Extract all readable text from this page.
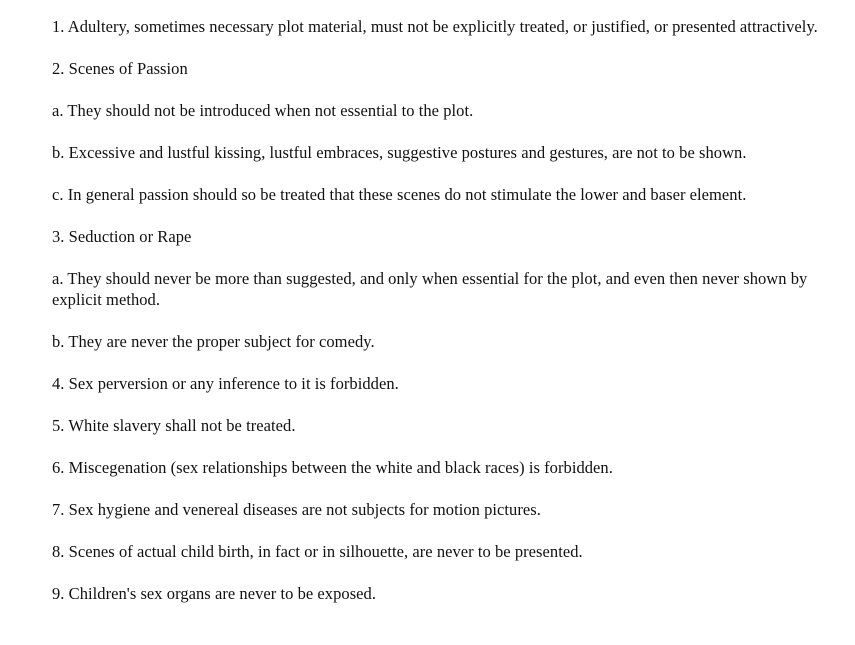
1. Adultery, sometimes necessary plot material, must not be explicitly treated, or justified, or presented attractively.

2. Scenes of Passion

a. They should not be introduced when not essential to the plot.

b. Excessive and lustful kissing, lustful embraces, suggestive postures and gestures, are not to be shown.

c. In general passion should so be treated that these scenes do not stimulate the lower and baser element.

3. Seduction or Rape

a. They should never be more than suggested, and only when essential for the plot, and even then never shown by explicit method.

b. They are never the proper subject for comedy.

4. Sex perversion or any inference to it is forbidden.

5. White slavery shall not be treated.

6. Miscegenation (sex relationships between the white and black races) is forbidden.

7. Sex hygiene and venereal diseases are not subjects for motion pictures.

8. Scenes of actual child birth, in fact or in silhouette, are never to be presented.

9. Children's sex organs are never to be exposed.
